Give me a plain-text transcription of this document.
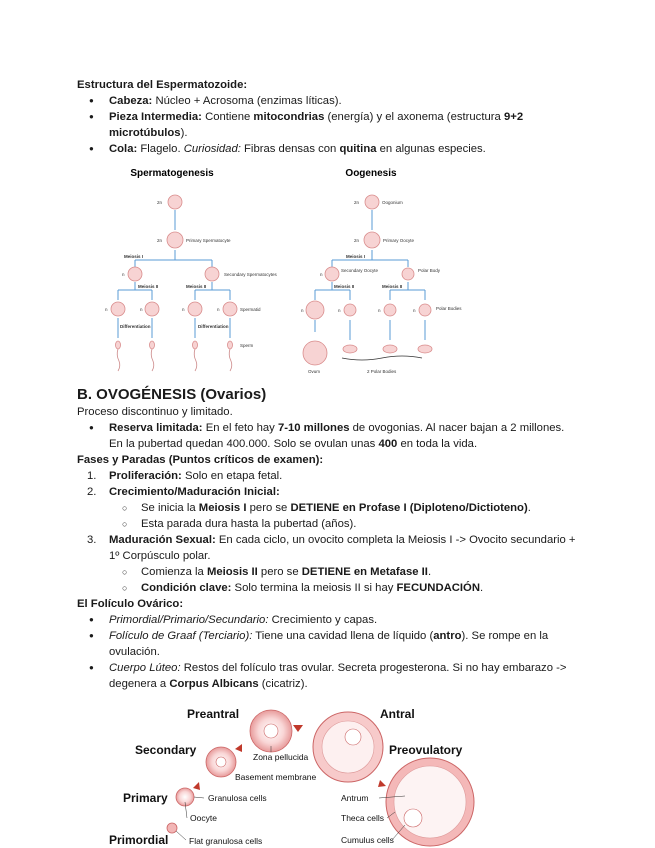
Estructura del Espermatozoide:
● Cabeza: Núcleo + Acrosoma (enzimas líticas).
● Pieza Intermedia: Contiene mitocondrias (energía) y el axonema (estructura 9+2 microtúbulos).
● Cola: Flagelo. Curiosidad: Fibras densas con quitina en algunas especies.
Spermatogenesis	Oogenesis
2n
2n	Primary Spermatocyte
Meiosis I
Meiosis II	Meiosis II
Secondary Spermatocytes
n
n	n	n	n	Spermatid
Differentiation	Differentiation
Sperm
2n	Oogonium
2n	Primary Oocyte
Meiosis I
n
Secondary Oocyte	Polar Body
Meiosis II	Meiosis II
n	n	n	n	Polar Bodies
Ovum	2 Polar Bodies
B. OVOGÉNESIS (Ovarios)
Proceso discontinuo y limitado.
● Reserva limitada: En el feto hay 7-10 millones de ovogonias. Al nacer bajan a 2 millones. En la pubertad quedan 400.000. Solo se ovulan unas 400 en toda la vida.
Fases y Paradas (Puntos críticos de examen):
1. Proliferación: Solo en etapa fetal.
2. Crecimiento/Maduración Inicial:
○ Se inicia la Meiosis I pero se DETIENE en Profase I (Diploteno/Dictioteno).
○ Esta parada dura hasta la pubertad (años).
3. Maduración Sexual: En cada ciclo, un ovocito completa la Meiosis I -> Ovocito secundario + 1º Corpúsculo polar.
○ Comienza la Meiosis II pero se DETIENE en Metafase II.
○ Condición clave: Solo termina la meiosis II si hay FECUNDACIÓN.
El Folículo Ovárico:
● Primordial/Primario/Secundario: Crecimiento y capas.
● Folículo de Graaf (Terciario): Tiene una cavidad llena de líquido (antro). Se rompe en la ovulación.
● Cuerpo Lúteo: Restos del folículo tras ovular. Secreta progesterona. Si no hay embarazo -> degenera a Corpus Albicans (cicatriz).
Preantral	Antral
Secondary	Preovulatory
Primary
Primordial
Zona pellucida
Basement membrane
Granulosa cells
Oocyte
Flat granulosa cells
Antrum
Theca cells
Cumulus cells
